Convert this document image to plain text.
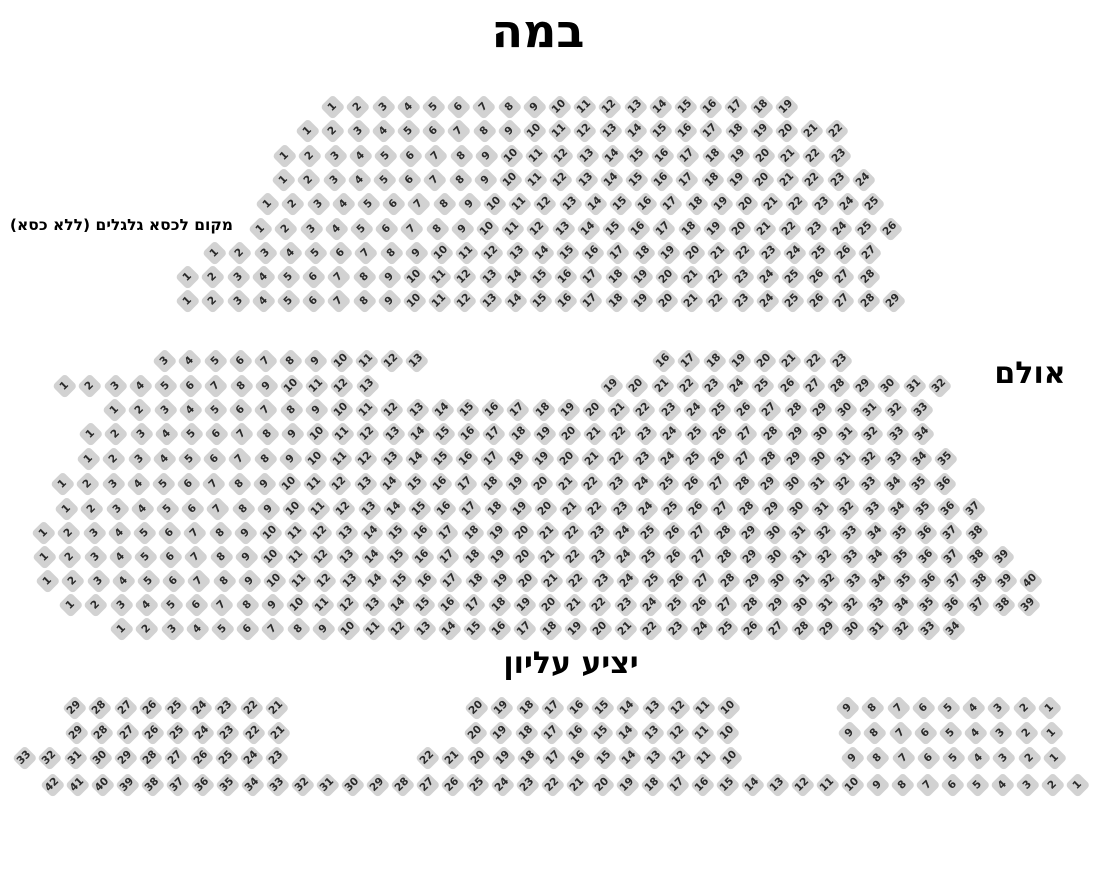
במה
מקום לכסא גלגלים (ללא כסא)
אולם
יציע עליון
1 2 3 4 5 6 7 8 9 10 11 12 13 14 15 16 17 18 19
1 2 3 4 5 6 7 8 9 10 11 12 13 14 15 16 17 18 19 20 21 22
1 2 3 4 5 6 7 8 9 10 11 12 13 14 15 16 17 18 19 20 21 22 23
1 2 3 4 5 6 7 8 9 10 11 12 13 14 15 16 17 18 19 20 21 22 23 24
1 2 3 4 5 6 7 8 9 10 11 12 13 14 15 16 17 18 19 20 21 22 23 24 25
1 2 3 4 5 6 7 8 9 10 11 12 13 14 15 16 17 18 19 20 21 22 23 24 25 26
1 2 3 4 5 6 7 8 9 10 11 12 13 14 15 16 17 18 19 20 21 22 23 24 25 26 27
1 2 3 4 5 6 7 8 9 10 11 12 13 14 15 16 17 18 19 20 21 22 23 24 25 26 27 28
1 2 3 4 5 6 7 8 9 10 11 12 13 14 15 16 17 18 19 20 21 22 23 24 25 26 27 28 29
3 4 5 6 7 8 9 10 11 12 13	16 17 18 19 20 21 22 23
1 2 3 4 5 6 7 8 9 10 11 12 13	19 20 21 22 23 24 25 26 27 28 29 30 31 32
1 2 3 4 5 6 7 8 9 10 11 12 13 14 15 16 17 18 19 20 21 22 23 24 25 26 27 28 29 30 31 32 33
1 2 3 4 5 6 7 8 9 10 11 12 13 14 15 16 17 18 19 20 21 22 23 24 25 26 27 28 29 30 31 32 33 34
1 2 3 4 5 6 7 8 9 10 11 12 13 14 15 16 17 18 19 20 21 22 23 24 25 26 27 28 29 30 31 32 33 34 35
1 2 3 4 5 6 7 8 9 10 11 12 13 14 15 16 17 18 19 20 21 22 23 24 25 26 27 28 29 30 31 32 33 34 35 36
1 2 3 4 5 6 7 8 9 10 11 12 13 14 15 16 17 18 19 20 21 22 23 24 25 26 27 28 29 30 31 32 33 34 35 36 37
1 2 3 4 5 6 7 8 9 10 11 12 13 14 15 16 17 18 19 20 21 22 23 24 25 26 27 28 29 30 31 32 33 34 35 36 37 38
1 2 3 4 5 6 7 8 9 10 11 12 13 14 15 16 17 18 19 20 21 22 23 24 25 26 27 28 29 30 31 32 33 34 35 36 37 38 39
1 2 3 4 5 6 7 8 9 10 11 12 13 14 15 16 17 18 19 20 21 22 23 24 25 26 27 28 29 30 31 32 33 34 35 36 37 38 39 40
1 2 3 4 5 6 7 8 9 10 11 12 13 14 15 16 17 18 19 20 21 22 23 24 25 26 27 28 29 30 31 32 33 34 35 36 37 38 39
1 2 3 4 5 6 7 8 9 10 11 12 13 14 15 16 17 18 19 20 21 22 23 24 25 26 27 28 29 30 31 32 33 34
29 28 27 26 25 24 23 22 21	20 19 18 17 16 15 14 13 12 11 10	9 8 7 6 5 4 3 2 1
29 28 27 26 25 24 23 22 21	20 19 18 17 16 15 14 13 12 11 10	9 8 7 6 5 4 3 2 1
33 32 31 30 29 28 27 26 25 24 23	22 21 20 19 18 17 16 15 14 13 12 11 10	9 8 7 6 5 4 3 2 1
42 41 40 39 38 37 36 35 34 33 32 31 30 29 28 27 26 25 24 23 22 21 20 19 18 17 16 15 14 13 12 11 10 9 8 7 6 5 4 3 2 1
